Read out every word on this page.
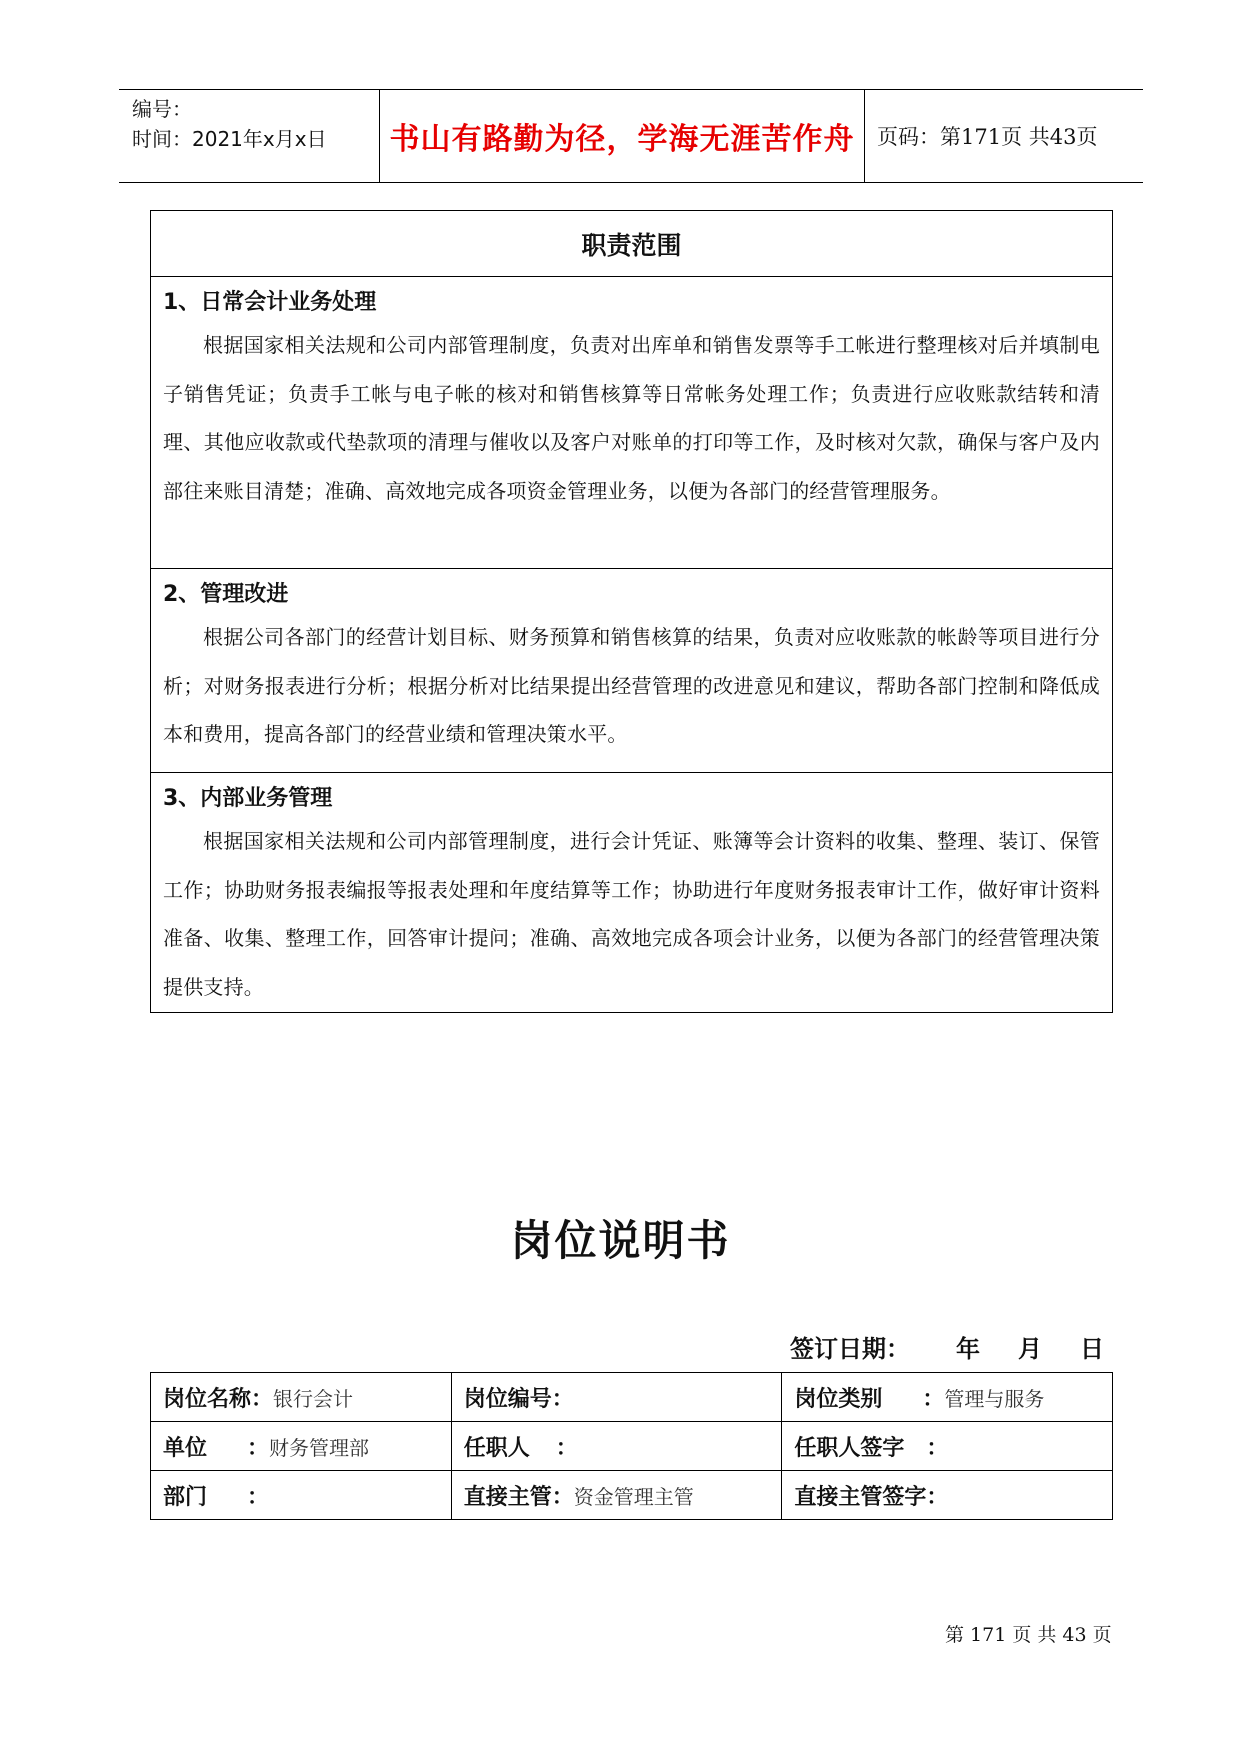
编号：
时间：2021年x月x日	书山有路勤为径，学海无涯苦作舟	页码：第171页 共43页
职责范围
1、日常会计业务处理
根据国家相关法规和公司内部管理制度，负责对出库单和销售发票等手工帐进行整理核对后并填制电子销售凭证；负责手工帐与电子帐的核对和销售核算等日常帐务处理工作；负责进行应收账款结转和清理、其他应收款或代垫款项的清理与催收以及客户对账单的打印等工作，及时核对欠款，确保与客户及内部往来账目清楚；准确、高效地完成各项资金管理业务，以便为各部门的经营管理服务。
2、管理改进
根据公司各部门的经营计划目标、财务预算和销售核算的结果，负责对应收账款的帐龄等项目进行分析；对财务报表进行分析；根据分析对比结果提出经营管理的改进意见和建议，帮助各部门控制和降低成本和费用，提高各部门的经营业绩和管理决策水平。
3、内部业务管理
根据国家相关法规和公司内部管理制度，进行会计凭证、账簿等会计资料的收集、整理、装订、保管工作；协助财务报表编报等报表处理和年度结算等工作；协助进行年度财务报表审计工作，做好审计资料准备、收集、整理工作，回答审计提问；准确、高效地完成各项会计业务，以便为各部门的经营管理决策提供支持。
岗位说明书
签订日期： 年 月 日
岗位名称：银行会计	岗位编号：	岗位类别 ：管理与服务
单位 ：财务管理部	任职人 ：	任职人签字 ：
部门 ：	直接主管：资金管理主管	直接主管签字：
第 171 页 共 43 页
